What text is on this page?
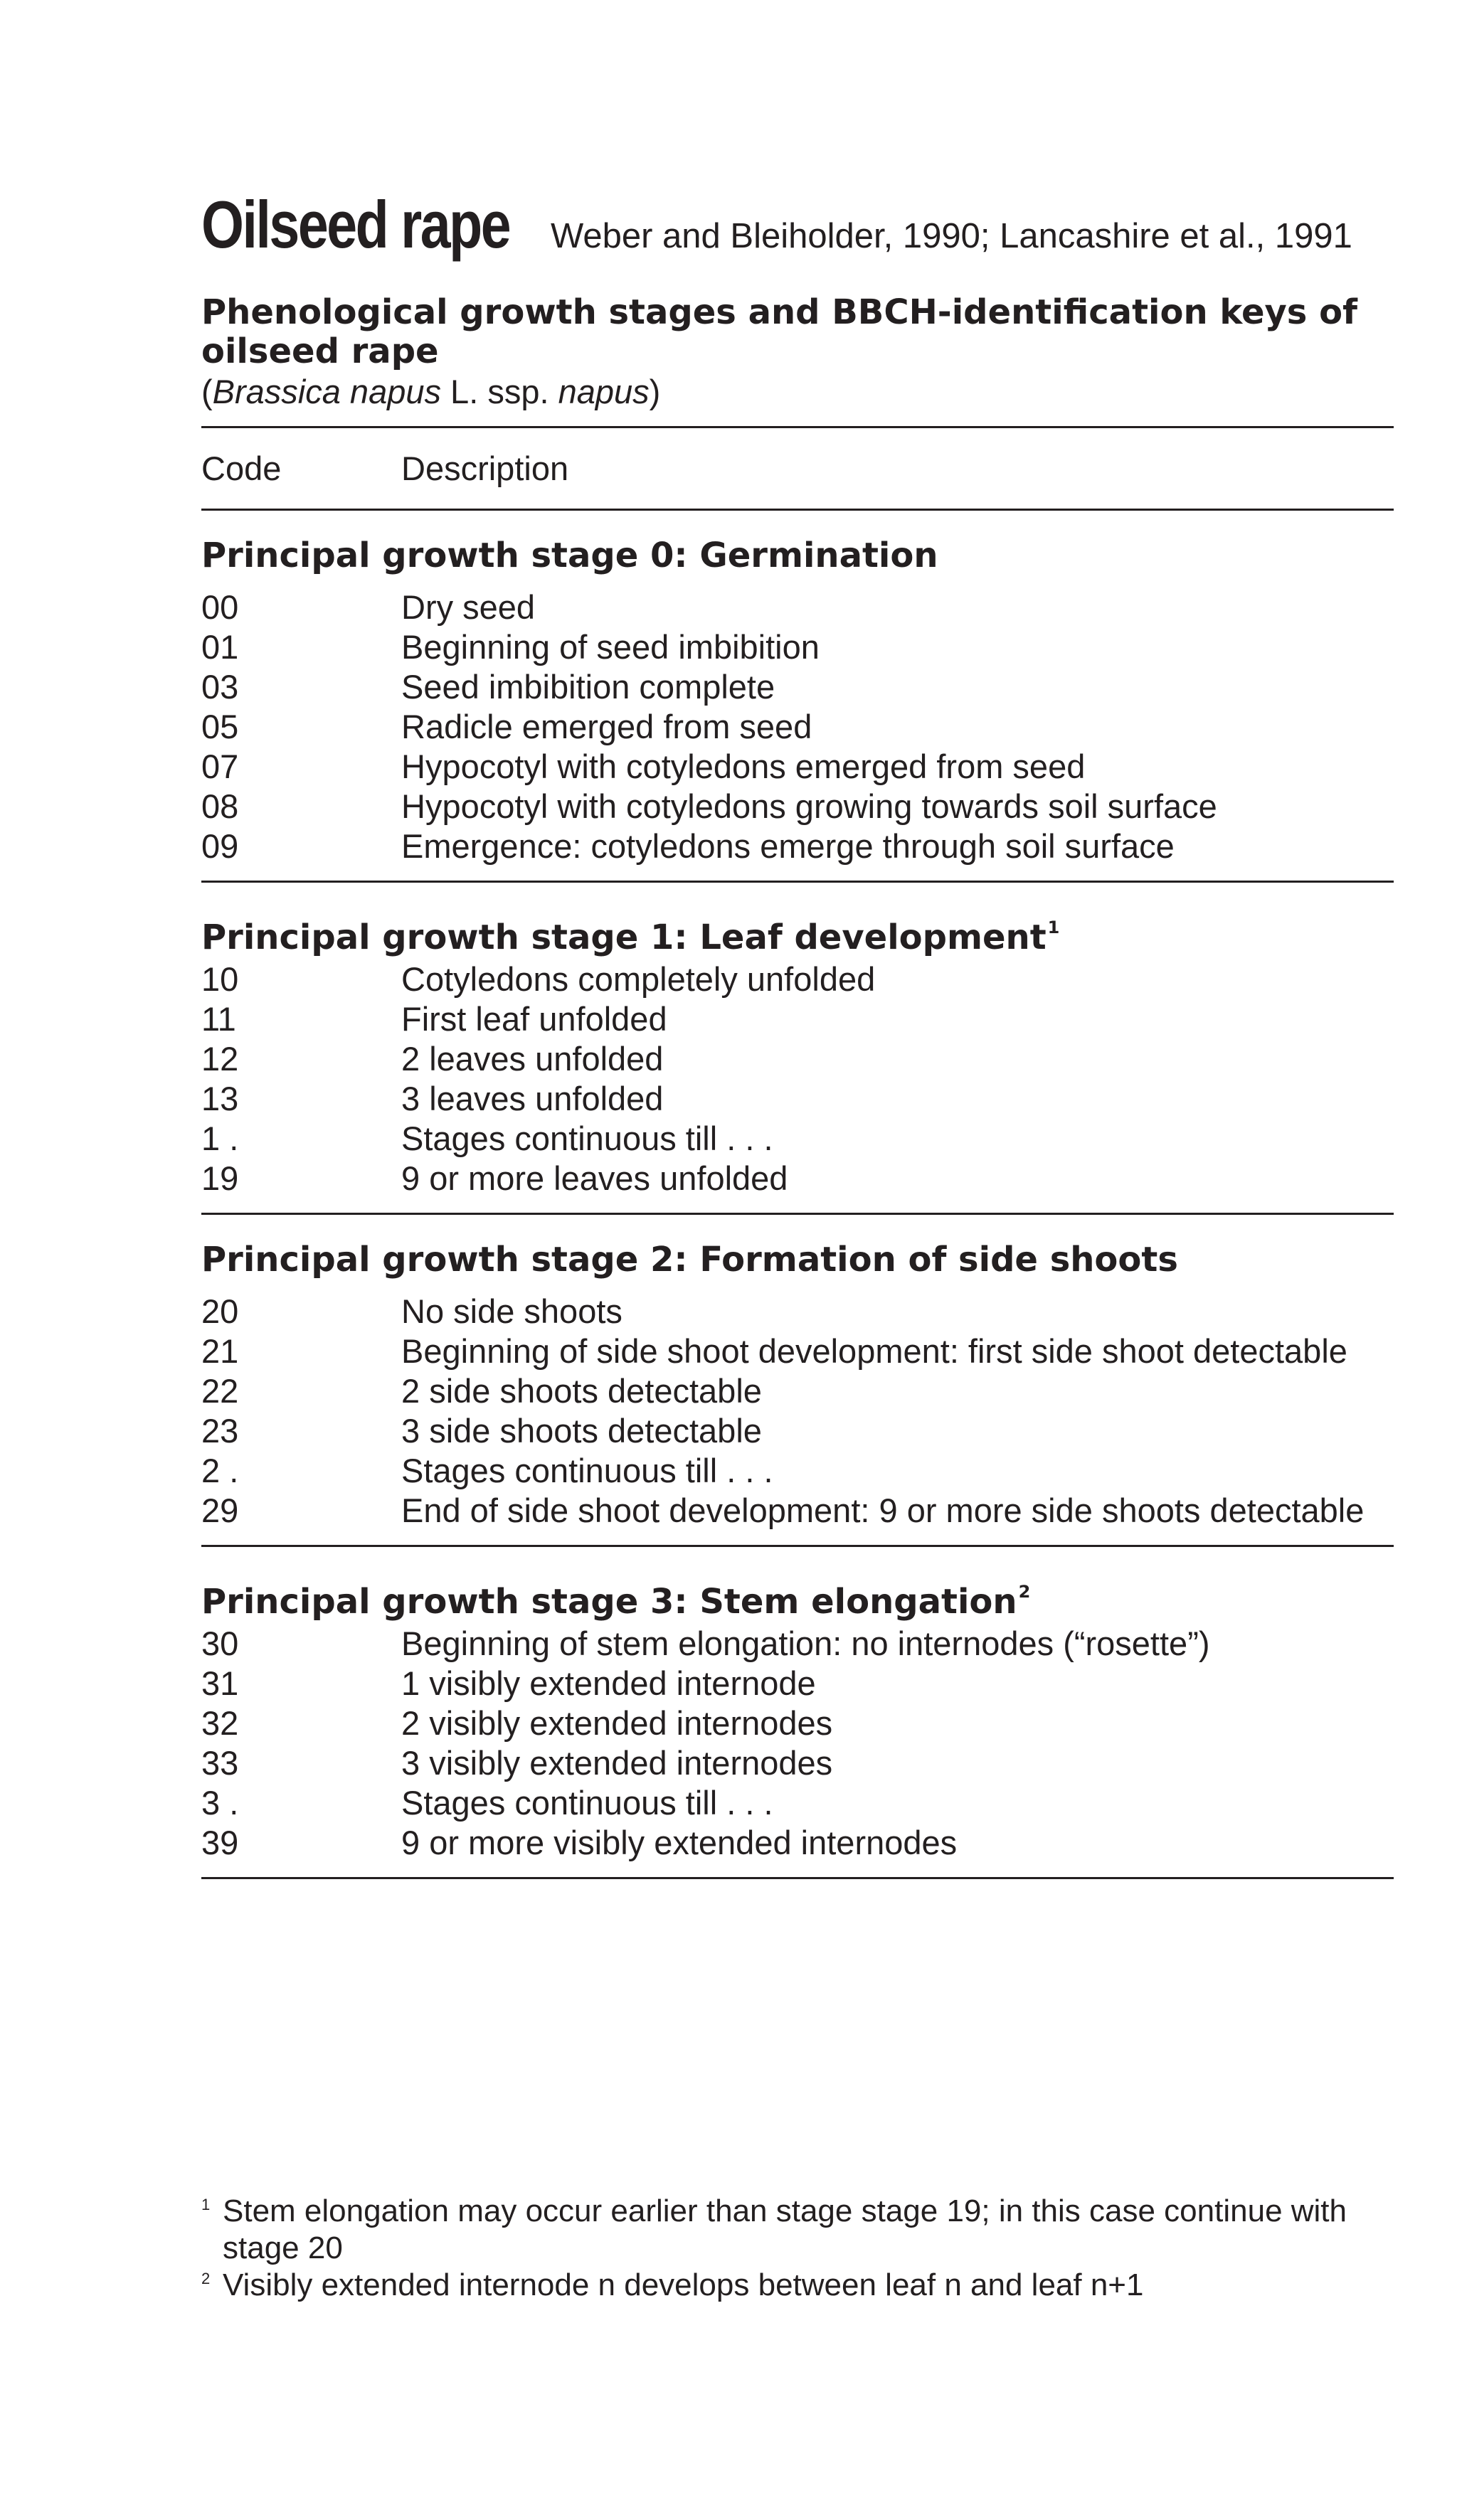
Oilseed rape Weber and Bleiholder, 1990; Lancashire et al., 1991
Phenological growth stages and BBCH-identification keys of oilseed rape
(Brassica napus L. ssp. napus)
Code	Description
Principal growth stage 0: Germination
00	Dry seed
01	Beginning of seed imbibition
03	Seed imbibition complete
05	Radicle emerged from seed
07	Hypocotyl with cotyledons emerged from seed
08	Hypocotyl with cotyledons growing towards soil surface
09	Emergence: cotyledons emerge through soil surface
Principal growth stage 1: Leaf development$^1$
10	Cotyledons completely unfolded
11	First leaf unfolded
12	2 leaves unfolded
13	3 leaves unfolded
1 .	Stages continuous till . . .
19	9 or more leaves unfolded
Principal growth stage 2: Formation of side shoots
20	No side shoots
21	Beginning of side shoot development: first side shoot detectable
22	2 side shoots detectable
23	3 side shoots detectable
2 .	Stages continuous till . . .
29	End of side shoot development: 9 or more side shoots detectable
Principal growth stage 3: Stem elongation$^2$
30	Beginning of stem elongation: no internodes (“rosette”)
31	1 visibly extended internode
32	2 visibly extended internodes
33	3 visibly extended internodes
3 .	Stages continuous till . . .
39	9 or more visibly extended internodes
1 Stem elongation may occur earlier than stage stage 19; in this case continue with stage 20
2 Visibly extended internode n develops between leaf n and leaf n+1
